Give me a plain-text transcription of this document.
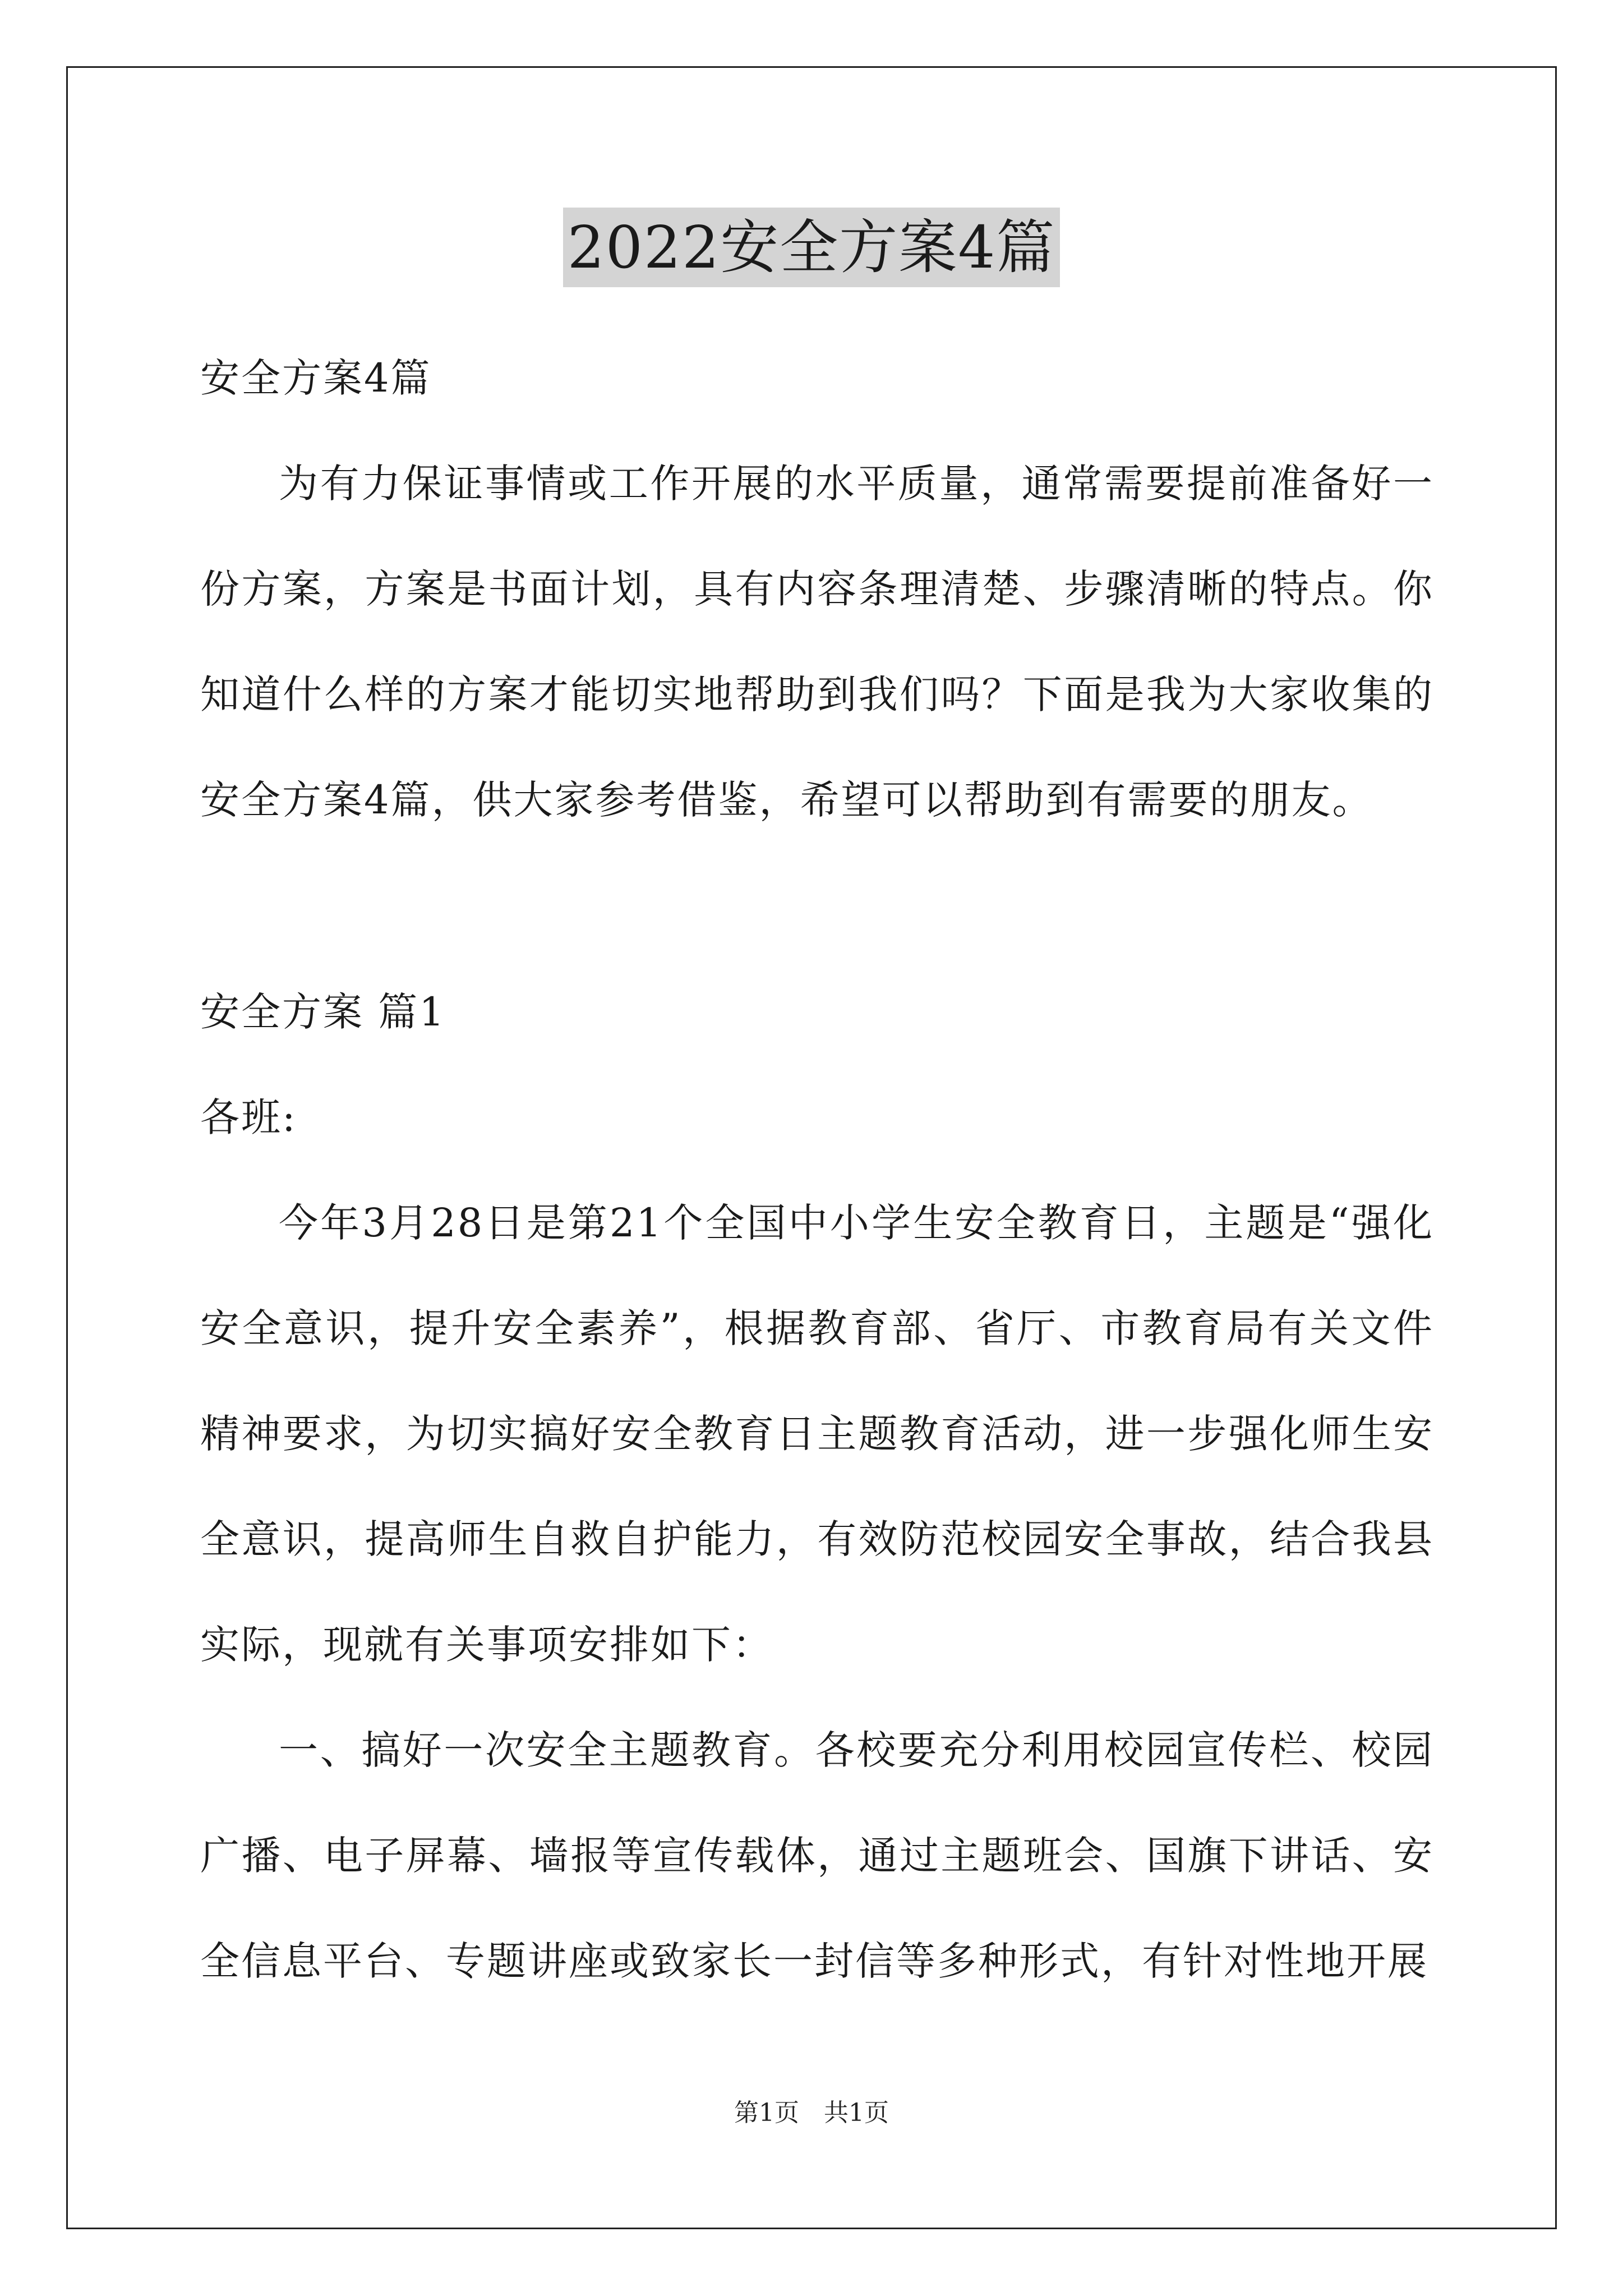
2022安全方案4篇

安全方案4篇

为有力保证事情或工作开展的水平质量，通常需要提前准备好一份方案，方案是书面计划，具有内容条理清楚、步骤清晰的特点。你知道什么样的方案才能切实地帮助到我们吗？下面是我为大家收集的安全方案4篇，供大家参考借鉴，希望可以帮助到有需要的朋友。

安全方案 篇1

各班:

今年3月28日是第21个全国中小学生安全教育日，主题是“强化安全意识，提升安全素养”，根据教育部、省厅、市教育局有关文件精神要求，为切实搞好安全教育日主题教育活动，进一步强化师生安全意识，提高师生自救自护能力，有效防范校园安全事故，结合我县实际，现就有关事项安排如下：

一、搞好一次安全主题教育。各校要充分利用校园宣传栏、校园广播、电子屏幕、墙报等宣传载体，通过主题班会、国旗下讲话、安全信息平台、专题讲座或致家长一封信等多种形式，有针对性地开展

第1页　共1页
